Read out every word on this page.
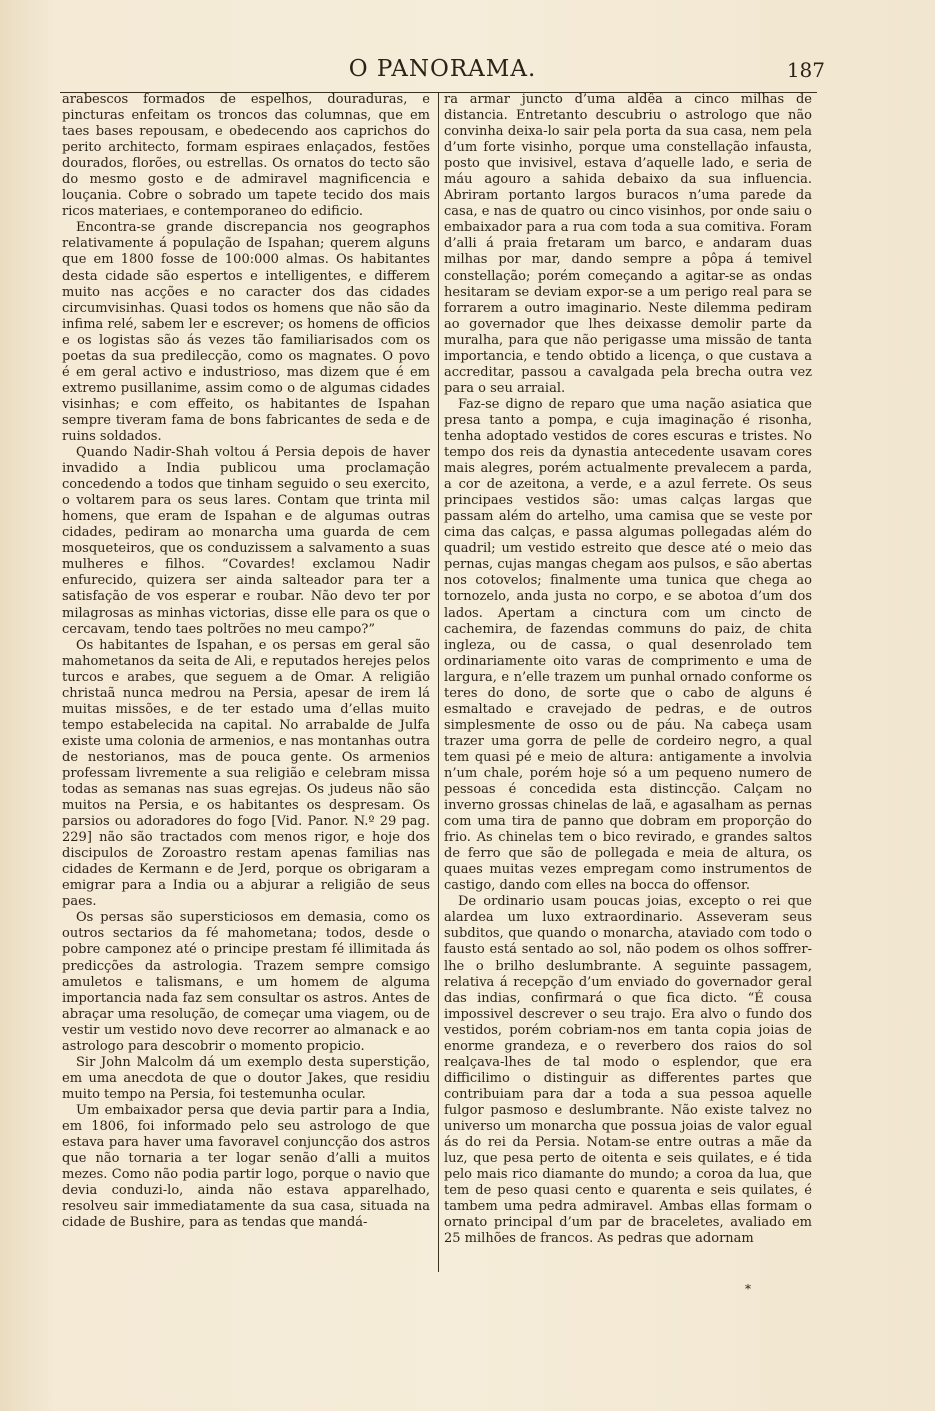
O PANORAMA.	187

arabescos formados de espelhos, douraduras, e pincturas enfeitam os troncos das columnas, que em taes bases repousam, e obedecendo aos caprichos do perito architecto, formam espiraes enlaçados, festões dourados, florões, ou estrellas. Os ornatos do tecto são do mesmo gosto e de admiravel magnificencia e louçania. Cobre o sobrado um tapete tecido dos mais ricos materiaes, e contemporaneo do edificio.

Encontra-se grande discrepancia nos geographos relativamente á população de Ispahan; querem alguns que em 1800 fosse de 100:000 almas. Os habitantes desta cidade são espertos e intelligentes, e differem muito nas acções e no caracter dos das cidades circumvisinhas. Quasi todos os homens que não são da infima relé, sabem ler e escrever; os homens de officios e os logistas são ás vezes tão familiarisados com os poetas da sua predilecção, como os magnates. O povo é em geral activo e industrioso, mas dizem que é em extremo pusillanime, assim como o de algumas cidades visinhas; e com effeito, os habitantes de Ispahan sempre tiveram fama de bons fabricantes de seda e de ruins soldados.

Quando Nadir-Shah voltou á Persia depois de haver invadido a India publicou uma proclamação concedendo a todos que tinham seguido o seu exercito, o voltarem para os seus lares. Contam que trinta mil homens, que eram de Ispahan e de algumas outras cidades, pediram ao monarcha uma guarda de cem mosqueteiros, que os conduzissem a salvamento a suas mulheres e filhos. “Covardes! exclamou Nadir enfurecido, quizera ser ainda salteador para ter a satisfação de vos esperar e roubar. Não devo ter por milagrosas as minhas victorias, disse elle para os que o cercavam, tendo taes poltrões no meu campo?”

Os habitantes de Ispahan, e os persas em geral são mahometanos da seita de Ali, e reputados herejes pelos turcos e arabes, que seguem a de Omar. A religião christaã nunca medrou na Persia, apesar de irem lá muitas missões, e de ter estado uma d’ellas muito tempo estabelecida na capital. No arrabalde de Julfa existe uma colonia de armenios, e nas montanhas outra de nestorianos, mas de pouca gente. Os armenios professam livremente a sua religião e celebram missa todas as semanas nas suas egrejas. Os judeus não são muitos na Persia, e os habitantes os despresam. Os parsios ou adoradores do fogo [Vid. Panor. N.º 29 pag. 229] não são tractados com menos rigor, e hoje dos discipulos de Zoroastro restam apenas familias nas cidades de Kermann e de Jerd, porque os obrigaram a emigrar para a India ou a abjurar a religião de seus paes.

Os persas são supersticiosos em demasia, como os outros sectarios da fé mahometana; todos, desde o pobre camponez até o principe prestam fé illimitada ás predicções da astrologia. Trazem sempre comsigo amuletos e talismans, e um homem de alguma importancia nada faz sem consultar os astros. Antes de abraçar uma resolução, de começar uma viagem, ou de vestir um vestido novo deve recorrer ao almanack e ao astrologo para descobrir o momento propicio.

Sir John Malcolm dá um exemplo desta superstição, em uma anecdota de que o doutor Jakes, que residiu muito tempo na Persia, foi testemunha ocular.

Um embaixador persa que devia partir para a India, em 1806, foi informado pelo seu astrologo de que estava para haver uma favoravel conjuncção dos astros que não tornaria a ter logar senão d’alli a muitos mezes. Como não podia partir logo, porque o navio que devia conduzi-lo, ainda não estava apparelhado, resolveu sair immediatamente da sua casa, situada na cidade de Bushire, para as tendas que mandá-

ra armar juncto d’uma aldêa a cinco milhas de distancia. Entretanto descubriu o astrologo que não convinha deixa-lo sair pela porta da sua casa, nem pela d’um forte visinho, porque uma constellação infausta, posto que invisivel, estava d’aquelle lado, e seria de máu agouro a sahida debaixo da sua influencia. Abriram portanto largos buracos n’uma parede da casa, e nas de quatro ou cinco visinhos, por onde saiu o embaixador para a rua com toda a sua comitiva. Foram d’alli á praia fretaram um barco, e andaram duas milhas por mar, dando sempre a pôpa á temivel constellação; porém começando a agitar-se as ondas hesitaram se deviam expor-se a um perigo real para se forrarem a outro imaginario. Neste dilemma pediram ao governador que lhes deixasse demolir parte da muralha, para que não perigasse uma missão de tanta importancia, e tendo obtido a licença, o que custava a accreditar, passou a cavalgada pela brecha outra vez para o seu arraial.

Faz-se digno de reparo que uma nação asiatica que presa tanto a pompa, e cuja imaginação é risonha, tenha adoptado vestidos de cores escuras e tristes. No tempo dos reis da dynastia antecedente usavam cores mais alegres, porém actualmente prevalecem a parda, a cor de azeitona, a verde, e a azul ferrete. Os seus principaes vestidos são: umas calças largas que passam além do artelho, uma camisa que se veste por cima das calças, e passa algumas pollegadas além do quadril; um vestido estreito que desce até o meio das pernas, cujas mangas chegam aos pulsos, e são abertas nos cotovelos; finalmente uma tunica que chega ao tornozelo, anda justa no corpo, e se abotoa d’um dos lados. Apertam a cinctura com um cincto de cachemira, de fazendas communs do paiz, de chita ingleza, ou de cassa, o qual desenrolado tem ordinariamente oito varas de comprimento e uma de largura, e n’elle trazem um punhal ornado conforme os teres do dono, de sorte que o cabo de alguns é esmaltado e cravejado de pedras, e de outros simplesmente de osso ou de páu. Na cabeça usam trazer uma gorra de pelle de cordeiro negro, a qual tem quasi pé e meio de altura: antigamente a involvia n’um chale, porém hoje só a um pequeno numero de pessoas é concedida esta distincção. Calçam no inverno grossas chinelas de laã, e agasalham as pernas com uma tira de panno que dobram em proporção do frio. As chinelas tem o bico revirado, e grandes saltos de ferro que são de pollegada e meia de altura, os quaes muitas vezes empregam como instrumentos de castigo, dando com elles na bocca do offensor.

De ordinario usam poucas joias, excepto o rei que alardea um luxo extraordinario. Asseveram seus subditos, que quando o monarcha, ataviado com todo o fausto está sentado ao sol, não podem os olhos soffrer-lhe o brilho deslumbrante. A seguinte passagem, relativa á recepção d’um enviado do governador geral das indias, confirmará o que fica dicto. “É cousa impossivel descrever o seu trajo. Era alvo o fundo dos vestidos, porém cobriam-nos em tanta copia joias de enorme grandeza, e o reverbero dos raios do sol realçava-lhes de tal modo o esplendor, que era difficilimo o distinguir as differentes partes que contribuiam para dar a toda a sua pessoa aquelle fulgor pasmoso e deslumbrante. Não existe talvez no universo um monarcha que possua joias de valor egual ás do rei da Persia. Notam-se entre outras a mãe da luz, que pesa perto de oitenta e seis quilates, e é tida pelo mais rico diamante do mundo; a coroa da lua, que tem de peso quasi cento e quarenta e seis quilates, é tambem uma pedra admiravel. Ambas ellas formam o ornato principal d’um par de braceletes, avaliado em 25 milhões de francos. As pedras que adornam

*
